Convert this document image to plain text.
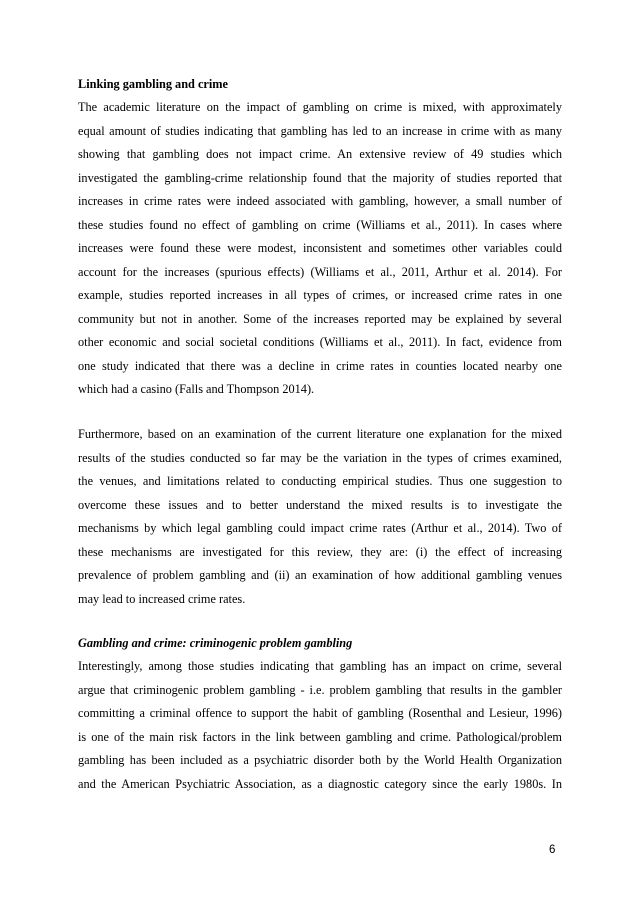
Linking gambling and crime
The academic literature on the impact of gambling on crime is mixed, with approximately
equal amount of studies indicating that gambling has led to an increase in crime with as many
showing that gambling does not impact crime. An extensive review of 49 studies which
investigated the gambling-crime relationship found that the majority of studies reported that
increases in crime rates were indeed associated with gambling, however, a small number of
these studies found no effect of gambling on crime (Williams et al., 2011). In cases where
increases were found these were modest, inconsistent and sometimes other variables could
account for the increases (spurious effects) (Williams et al., 2011, Arthur et al. 2014). For
example, studies reported increases in all types of crimes, or increased crime rates in one
community but not in another. Some of the increases reported may be explained by several
other economic and social societal conditions (Williams et al., 2011). In fact, evidence from
one study indicated that there was a decline in crime rates in counties located nearby one
which had a casino (Falls and Thompson 2014).
Furthermore, based on an examination of the current literature one explanation for the mixed
results of the studies conducted so far may be the variation in the types of crimes examined,
the venues, and limitations related to conducting empirical studies. Thus one suggestion to
overcome these issues and to better understand the mixed results is to investigate the
mechanisms by which legal gambling could impact crime rates (Arthur et al., 2014). Two of
these mechanisms are investigated for this review, they are: (i) the effect of increasing
prevalence of problem gambling and (ii) an examination of how additional gambling venues
may lead to increased crime rates.
Gambling and crime: criminogenic problem gambling
Interestingly, among those studies indicating that gambling has an impact on crime, several
argue that criminogenic problem gambling - i.e. problem gambling that results in the gambler
committing a criminal offence to support the habit of gambling (Rosenthal and Lesieur, 1996)
is one of the main risk factors in the link between gambling and crime. Pathological/problem
gambling has been included as a psychiatric disorder both by the World Health Organization
and the American Psychiatric Association, as a diagnostic category since the early 1980s. In
6
